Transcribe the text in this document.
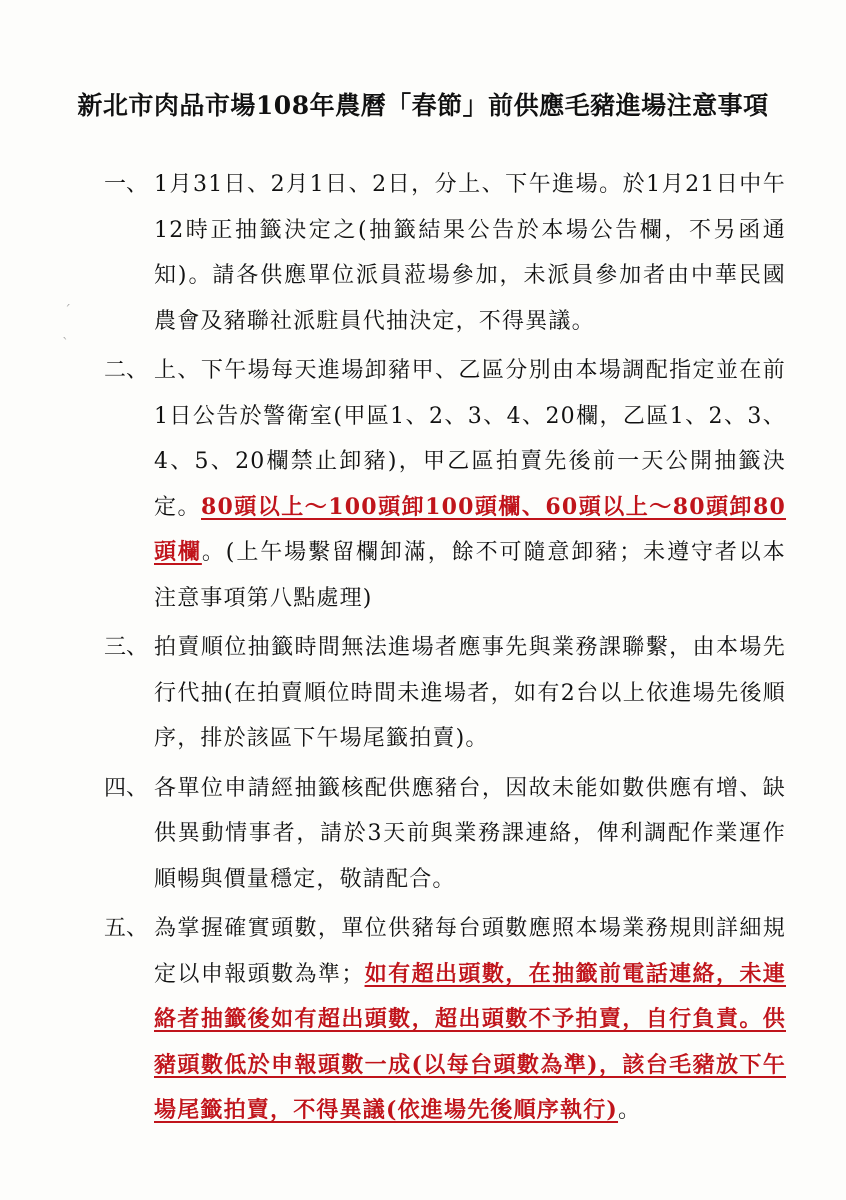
新北市肉品市場108年農曆「春節」前供應毛豬進場注意事項
一、 1月31日、2月1日、2日，分上、下午進場。於1月21日中午12時正抽籤決定之(抽籤結果公告於本場公告欄，不另函通知)。請各供應單位派員蒞場參加，未派員參加者由中華民國農會及豬聯社派駐員代抽決定，不得異議。
二、 上、下午場每天進場卸豬甲、乙區分別由本場調配指定並在前1日公告於警衛室(甲區1、2、3、4、20欄，乙區1、2、3、4、5、20欄禁止卸豬)，甲乙區拍賣先後前一天公開抽籤決定。80頭以上～100頭卸100頭欄、60頭以上～80頭卸80頭欄。(上午場繫留欄卸滿，餘不可隨意卸豬；未遵守者以本注意事項第八點處理)
三、 拍賣順位抽籤時間無法進場者應事先與業務課聯繫，由本場先行代抽(在拍賣順位時間未進場者，如有2台以上依進場先後順序，排於該區下午場尾籤拍賣)。
四、 各單位申請經抽籤核配供應豬台，因故未能如數供應有增、缺供異動情事者，請於3天前與業務課連絡，俾利調配作業運作順暢與價量穩定，敬請配合。
五、 為掌握確實頭數，單位供豬每台頭數應照本場業務規則詳細規定以申報頭數為準；如有超出頭數，在抽籤前電話連絡，未連絡者抽籤後如有超出頭數，超出頭數不予拍賣，自行負責。供豬頭數低於申報頭數一成(以每台頭數為準)，該台毛豬放下午場尾籤拍賣，不得異議(依進場先後順序執行)。
ˊ
ˋ
